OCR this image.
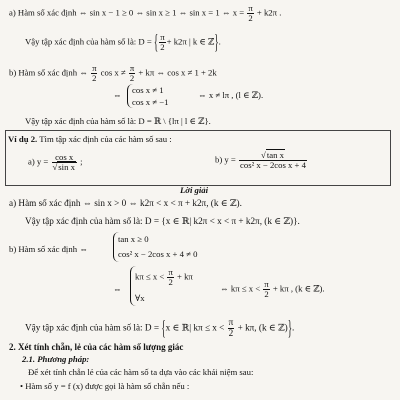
a) Hàm số xác định ⇔ sin x − 1 ≥ 0 ⇔ sin x ≥ 1 ⇔ sin x = 1 ⇔ $x = \frac{\pi}{2} + k2\pi$ .
Vậy tập xác định của hàm số là: D = { $\frac{\pi}{2} + k2\pi$ | k ∈ ℤ}.
b) Hàm số xác định ⇔ $\frac{\pi}{2}$ $\cos x \ne \frac{\pi}{2} + k\pi$ ⇔ cos x ≠ 1 + 2k
⇔ cos x ≠ 1
cos x ≠ −1
⇔ x ≠ lπ , (l ∈ ℤ).
Vậy tập xác định của hàm số là: D = ℝ \ {lπ | l ∈ ℤ}.
Ví dụ 2. Tìm tập xác định của các hàm số sau :
a) $y = \frac{\text{cos x}}{\text{√sin x}}$ ;	b) $y = \frac{\text{√tan x}}{\text{cos² x − 2cos x + 4}}$
Lời giải
a) Hàm số xác định ⇔ sin x > 0 ⇔ k2π < x < π + k2π, (k ∈ ℤ).
Vậy tập xác định của hàm số là: D = {x ∈ ℝ| k2π < x < π + k2π, (k ∈ ℤ)}.
b) Hàm số xác định ⇔
tan x ≥ 0
cos² x − 2cos x + 4 ≠ 0
⇔
$k\pi \le x < \frac{\pi}{2} + k\pi$
∀x
⇔ $k\pi \le x < \frac{\pi}{2} + k\pi$ , (k ∈ ℤ).
Vậy tập xác định của hàm số là: D = {x ∈ ℝ| $k\pi \le x < \frac{\pi}{2} + k\pi$, (k ∈ ℤ)}.
2. Xét tính chẵn, lẻ của các hàm số lượng giác
2.1. Phương pháp:
Để xét tính chẵn lẻ của các hàm số ta dựa vào các khái niệm sau:
• Hàm số y = f (x) được gọi là hàm số chẵn nếu :
